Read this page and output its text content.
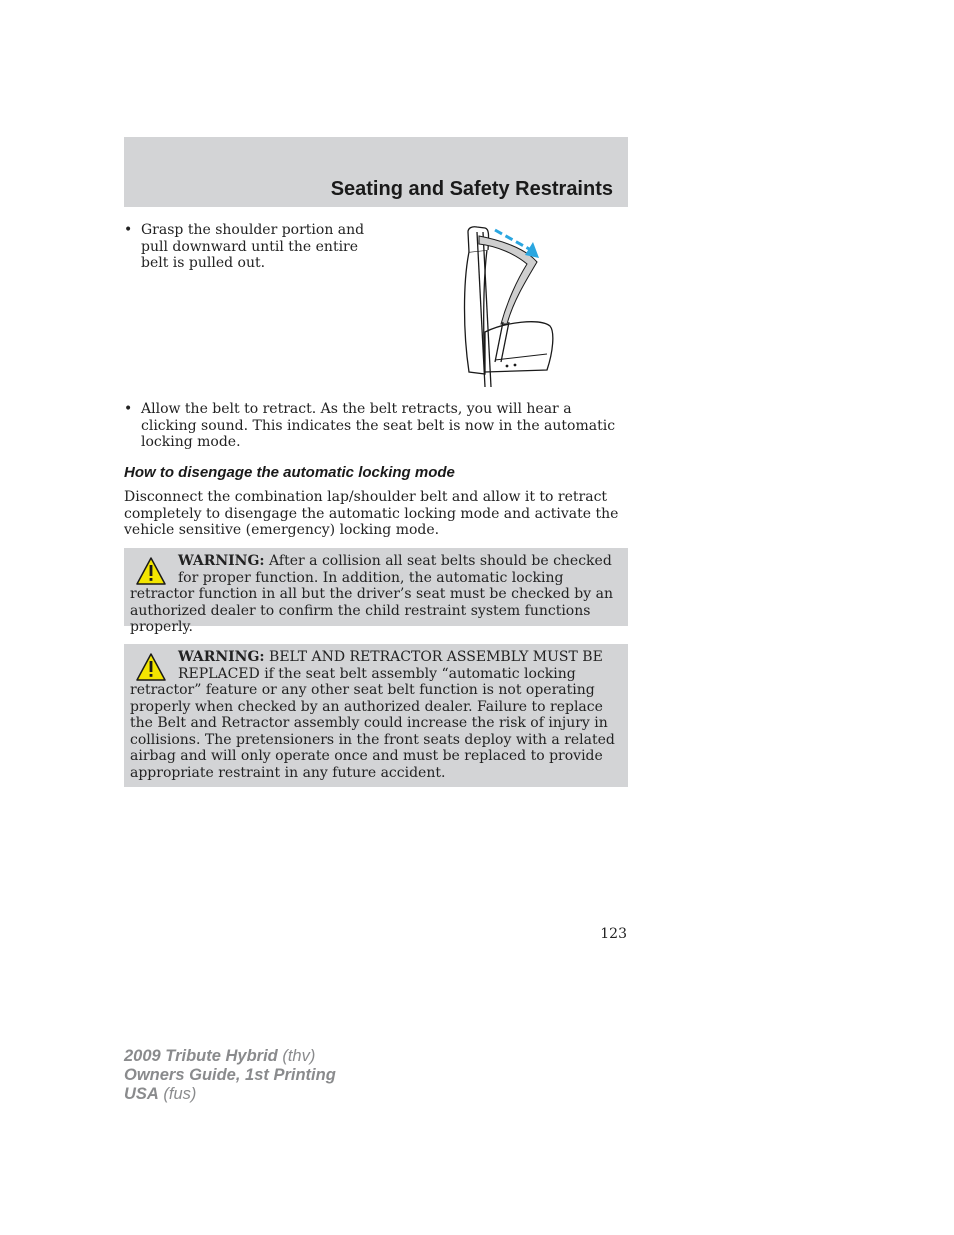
Seating and Safety Restraints
• Grasp the shoulder portion and pull downward until the entire belt is pulled out.
• Allow the belt to retract. As the belt retracts, you will hear a clicking sound. This indicates the seat belt is now in the automatic locking mode.
How to disengage the automatic locking mode
Disconnect the combination lap/shoulder belt and allow it to retract completely to disengage the automatic locking mode and activate the vehicle sensitive (emergency) locking mode.
WARNING: After a collision all seat belts should be checked for proper function. In addition, the automatic locking retractor function in all but the driver’s seat must be checked by an authorized dealer to confirm the child restraint system functions properly.
WARNING: BELT AND RETRACTOR ASSEMBLY MUST BE REPLACED if the seat belt assembly “automatic locking retractor” feature or any other seat belt function is not operating properly when checked by an authorized dealer. Failure to replace the Belt and Retractor assembly could increase the risk of injury in collisions. The pretensioners in the front seats deploy with a related airbag and will only operate once and must be replaced to provide appropriate restraint in any future accident.
123
2009 Tribute Hybrid (thv)
Owners Guide, 1st Printing
USA (fus)
